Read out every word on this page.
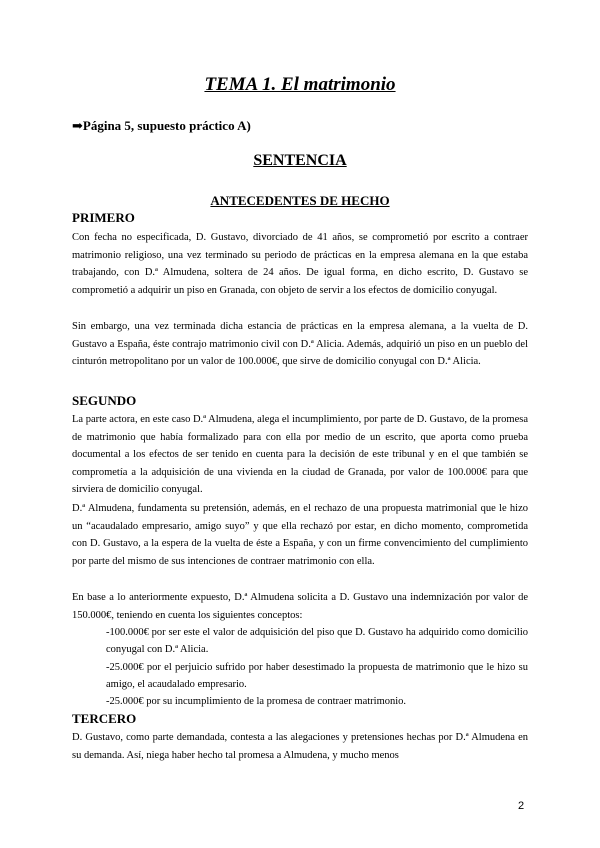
TEMA 1. El matrimonio
➡Página 5, supuesto práctico A)
SENTENCIA
ANTECEDENTES DE HECHO
PRIMERO

Con fecha no especificada, D. Gustavo, divorciado de 41 años, se comprometió por escrito a contraer matrimonio religioso, una vez terminado su periodo de prácticas en la empresa alemana en la que estaba trabajando, con D.ª Almudena, soltera de 24 años. De igual forma, en dicho escrito, D. Gustavo se comprometió a adquirir un piso en Granada, con objeto de servir a los efectos de domicilio conyugal.

Sin embargo, una vez terminada dicha estancia de prácticas en la empresa alemana, a la vuelta de D. Gustavo a España, éste contrajo matrimonio civil con D.ª Alicia. Además, adquirió un piso en un pueblo del cinturón metropolitano por un valor de 100.000€, que sirve de domicilio conyugal con D.ª Alicia.

SEGUNDO

La parte actora, en este caso D.ª Almudena, alega el incumplimiento, por parte de D. Gustavo, de la promesa de matrimonio que había formalizado para con ella por medio de un escrito, que aporta como prueba documental a los efectos de ser tenido en cuenta para la decisión de este tribunal y en el que también se comprometía a la adquisición de una vivienda en la ciudad de Granada, por valor de 100.000€ para que sirviera de domicilio conyugal.

D.ª Almudena, fundamenta su pretensión, además, en el rechazo de una propuesta matrimonial que le hizo un “acaudalado empresario, amigo suyo” y que ella rechazó por estar, en dicho momento, comprometida con D. Gustavo, a la espera de la vuelta de éste a España, y con un firme convencimiento del cumplimiento por parte del mismo de sus intenciones de contraer matrimonio con ella.

En base a lo anteriormente expuesto, D.ª Almudena solicita a D. Gustavo una indemnización por valor de 150.000€, teniendo en cuenta los siguientes conceptos:

-100.000€ por ser este el valor de adquisición del piso que D. Gustavo ha adquirido como domicilio conyugal con D.ª Alicia.
-25.000€ por el perjuicio sufrido por haber desestimado la propuesta de matrimonio que le hizo su amigo, el acaudalado empresario.
-25.000€ por su incumplimiento de la promesa de contraer matrimonio.
TERCERO

D. Gustavo, como parte demandada, contesta a las alegaciones y pretensiones hechas por D.ª Almudena en su demanda. Así, niega haber hecho tal promesa a Almudena, y mucho menos

2
